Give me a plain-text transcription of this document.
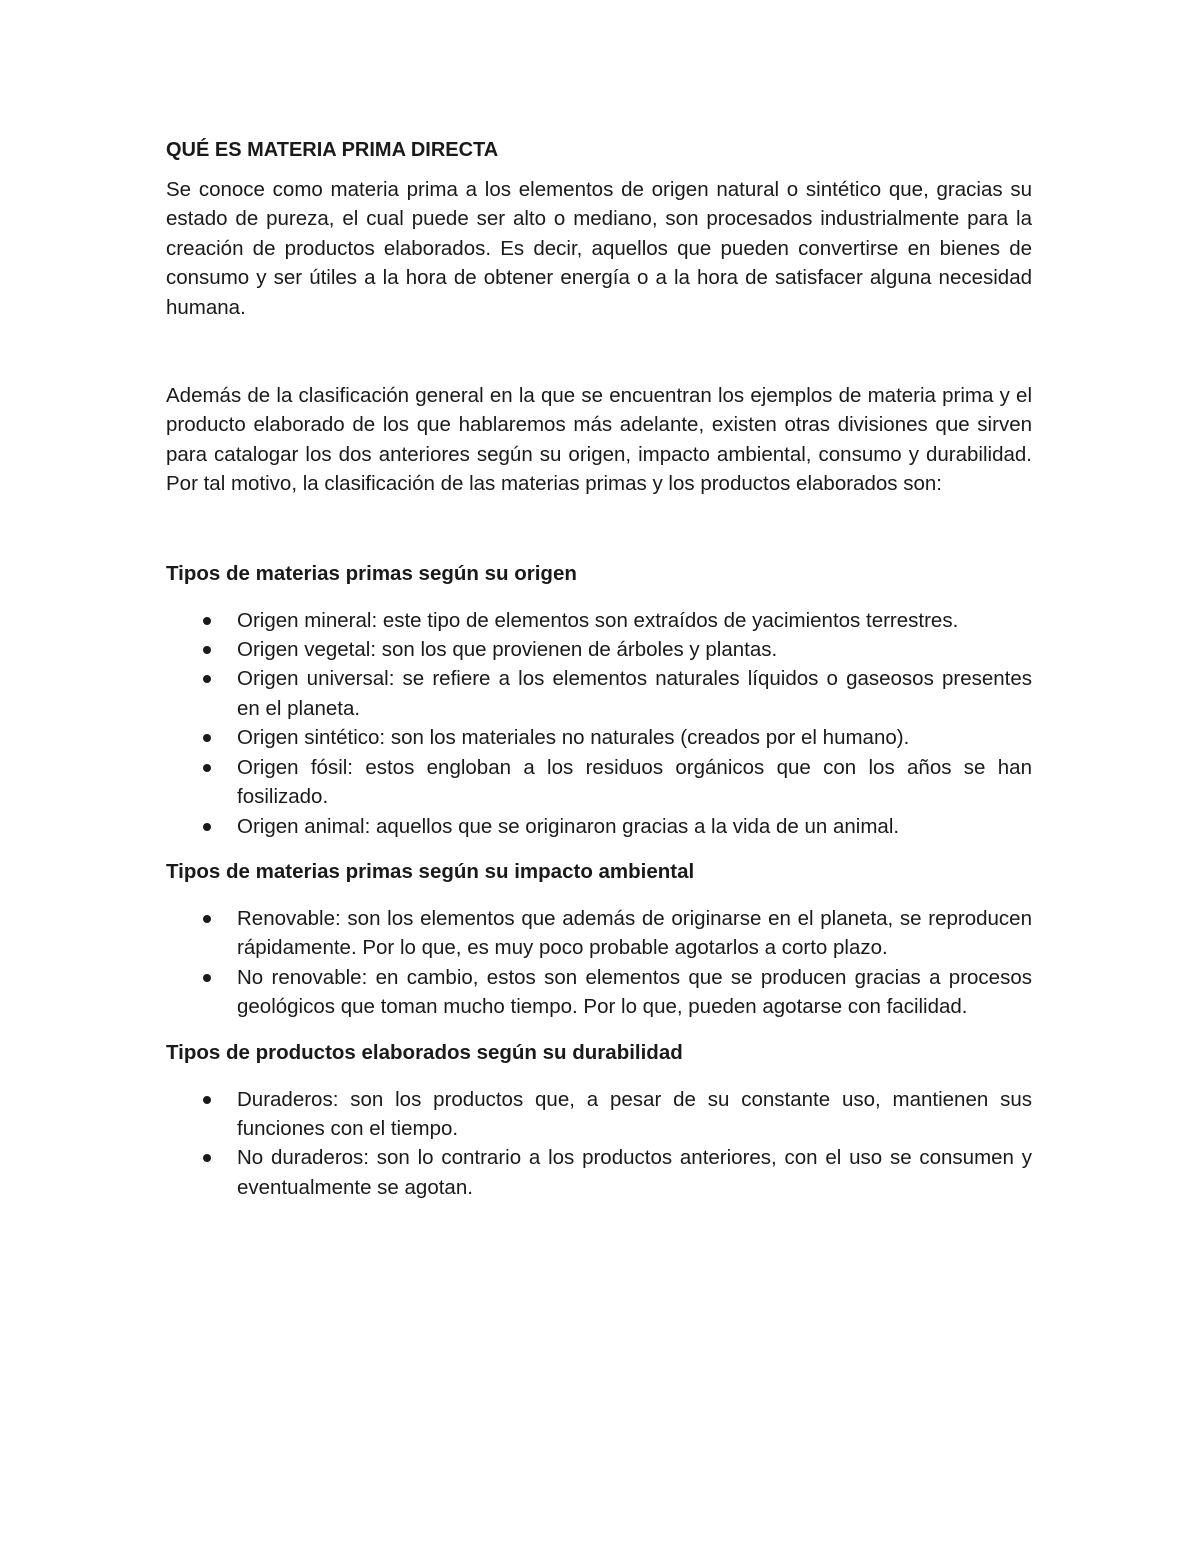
QUÉ ES MATERIA PRIMA DIRECTA

Se conoce como materia prima a los elementos de origen natural o sintético que, gracias su estado de pureza, el cual puede ser alto o mediano, son procesados industrialmente para la creación de productos elaborados. Es decir, aquellos que pueden convertirse en bienes de consumo y ser útiles a la hora de obtener energía o a la hora de satisfacer alguna necesidad humana.

Además de la clasificación general en la que se encuentran los ejemplos de materia prima y el producto elaborado de los que hablaremos más adelante, existen otras divisiones que sirven para catalogar los dos anteriores según su origen, impacto ambiental, consumo y durabilidad. Por tal motivo, la clasificación de las materias primas y los productos elaborados son:

Tipos de materias primas según su origen
Origen mineral: este tipo de elementos son extraídos de yacimientos terrestres.
Origen vegetal: son los que provienen de árboles y plantas.
Origen universal: se refiere a los elementos naturales líquidos o gaseosos presentes en el planeta.
Origen sintético: son los materiales no naturales (creados por el humano).
Origen fósil: estos engloban a los residuos orgánicos que con los años se han fosilizado.
Origen animal: aquellos que se originaron gracias a la vida de un animal.
Tipos de materias primas según su impacto ambiental
Renovable: son los elementos que además de originarse en el planeta, se reproducen rápidamente. Por lo que, es muy poco probable agotarlos a corto plazo.
No renovable: en cambio, estos son elementos que se producen gracias a procesos geológicos que toman mucho tiempo. Por lo que, pueden agotarse con facilidad.
Tipos de productos elaborados según su durabilidad
Duraderos: son los productos que, a pesar de su constante uso, mantienen sus funciones con el tiempo.
No duraderos: son lo contrario a los productos anteriores, con el uso se consumen y eventualmente se agotan.
